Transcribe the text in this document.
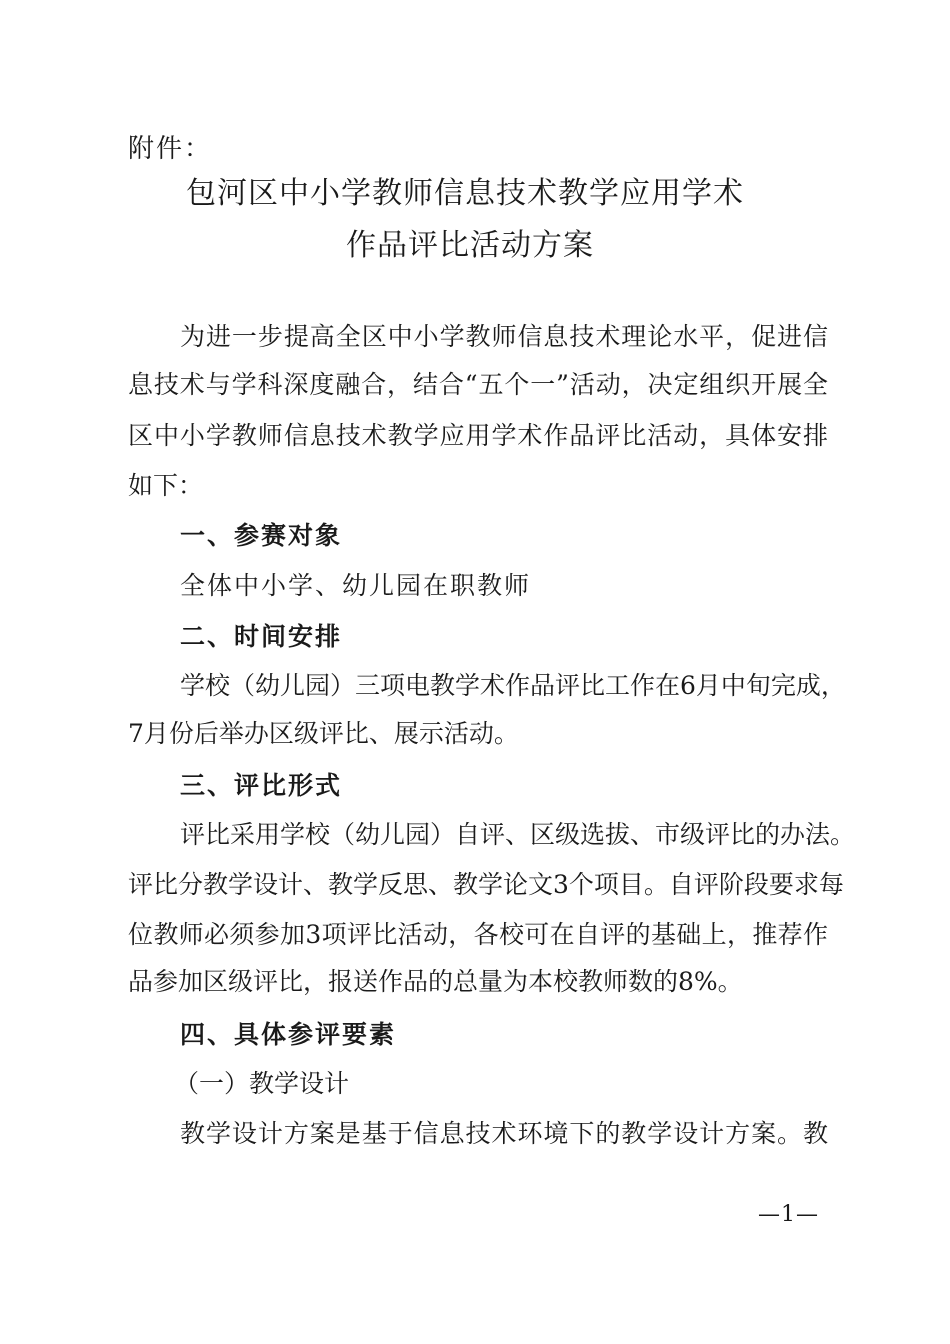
附件：
包河区中小学教师信息技术教学应用学术
作品评比活动方案
为进一步提高全区中小学教师信息技术理论水平，促进信
息技术与学科深度融合，结合“五个一”活动，决定组织开展全
区中小学教师信息技术教学应用学术作品评比活动，具体安排
如下：
一、参赛对象
全体中小学、幼儿园在职教师
二、时间安排
学校（幼儿园）三项电教学术作品评比工作在6月中旬完成，
7月份后举办区级评比、展示活动。
三、评比形式
评比采用学校（幼儿园）自评、区级选拔、市级评比的办法。
评比分教学设计、教学反思、教学论文3个项目。自评阶段要求每
位教师必须参加3项评比活动，各校可在自评的基础上，推荐作
品参加区级评比，报送作品的总量为本校教师数的8%。
四、具体参评要素
（一）教学设计
教学设计方案是基于信息技术环境下的教学设计方案。教
—1—
